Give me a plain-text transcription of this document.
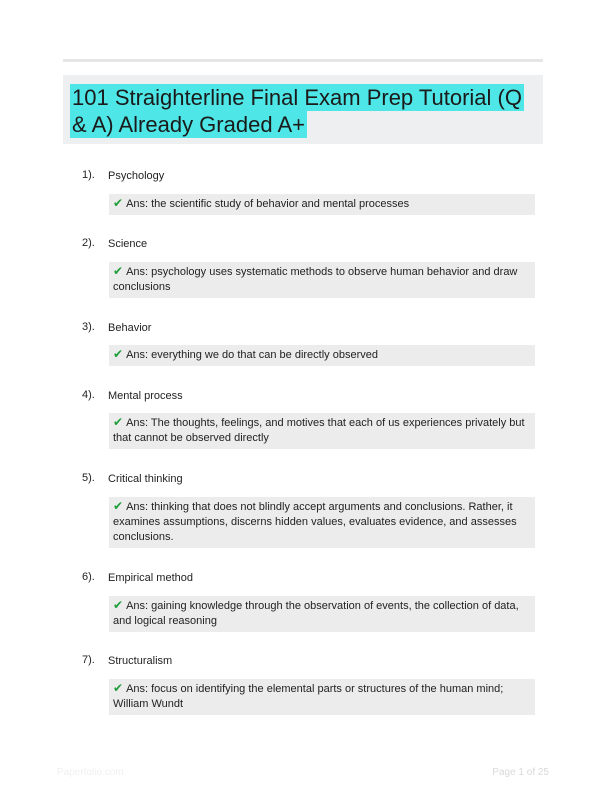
101 Straighterline Final Exam Prep Tutorial (Q & A) Already Graded A+
1). Psychology
✔ Ans: the scientific study of behavior and mental processes
2). Science
✔ Ans: psychology uses systematic methods to observe human behavior and draw conclusions
3). Behavior
✔ Ans: everything we do that can be directly observed
4). Mental process
✔ Ans: The thoughts, feelings, and motives that each of us experiences privately but that cannot be observed directly
5). Critical thinking
✔ Ans: thinking that does not blindly accept arguments and conclusions. Rather, it examines assumptions, discerns hidden values, evaluates evidence, and assesses conclusions.
6). Empirical method
✔ Ans: gaining knowledge through the observation of events, the collection of data, and logical reasoning
7). Structuralism
✔ Ans: focus on identifying the elemental parts or structures of the human mind; William Wundt
Paperfolio.com	Page 1 of 25
